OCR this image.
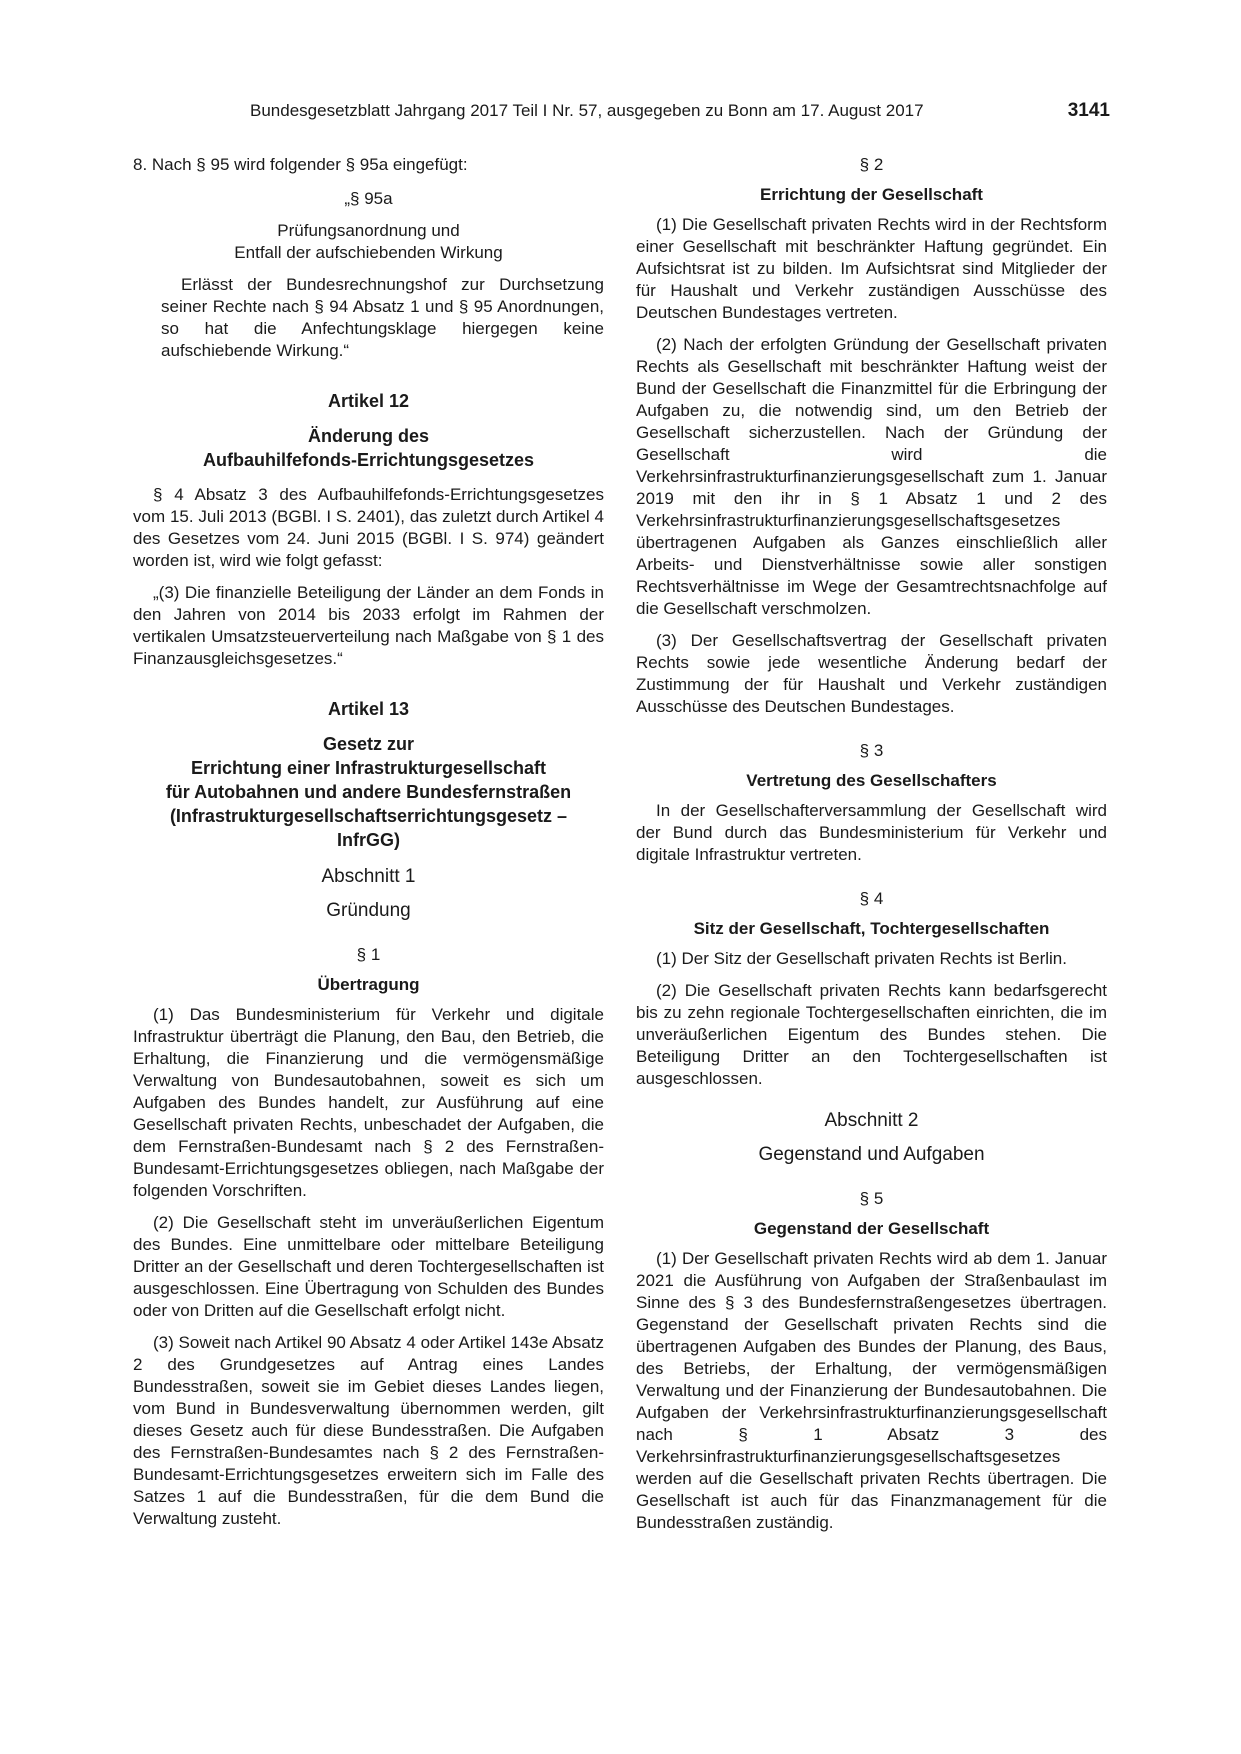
Bundesgesetzblatt Jahrgang 2017 Teil I Nr. 57, ausgegeben zu Bonn am 17. August 2017	3141

8. Nach § 95 wird folgender § 95a eingefügt:

„§ 95a

Prüfungsanordnung und

Entfall der aufschiebenden Wirkung

Erlässt der Bundesrechnungshof zur Durchsetzung seiner Rechte nach § 94 Absatz 1 und § 95 Anordnungen, so hat die Anfechtungsklage hiergegen keine aufschiebende Wirkung.“

Artikel 12

Änderung des
Aufbauhilfefonds-Errichtungsgesetzes

§ 4 Absatz 3 des Aufbauhilfefonds-Errichtungsgesetzes vom 15. Juli 2013 (BGBl. I S. 2401), das zuletzt durch Artikel 4 des Gesetzes vom 24. Juni 2015 (BGBl. I S. 974) geändert worden ist, wird wie folgt gefasst:

„(3) Die finanzielle Beteiligung der Länder an dem Fonds in den Jahren von 2014 bis 2033 erfolgt im Rahmen der vertikalen Umsatzsteuerverteilung nach Maßgabe von § 1 des Finanzausgleichsgesetzes.“

Artikel 13

Gesetz zur
Errichtung einer Infrastrukturgesellschaft
für Autobahnen und andere Bundesfernstraßen
(Infrastrukturgesellschaftserrichtungsgesetz –
InfrGG)

Abschnitt 1

Gründung

§ 1

Übertragung

(1) Das Bundesministerium für Verkehr und digitale Infrastruktur überträgt die Planung, den Bau, den Betrieb, die Erhaltung, die Finanzierung und die vermögensmäßige Verwaltung von Bundesautobahnen, soweit es sich um Aufgaben des Bundes handelt, zur Ausführung auf eine Gesellschaft privaten Rechts, unbeschadet der Aufgaben, die dem Fernstraßen-Bundesamt nach § 2 des Fernstraßen-Bundesamt-Errichtungsgesetzes obliegen, nach Maßgabe der folgenden Vorschriften.

(2) Die Gesellschaft steht im unveräußerlichen Eigentum des Bundes. Eine unmittelbare oder mittelbare Beteiligung Dritter an der Gesellschaft und deren Tochtergesellschaften ist ausgeschlossen. Eine Übertragung von Schulden des Bundes oder von Dritten auf die Gesellschaft erfolgt nicht.

(3) Soweit nach Artikel 90 Absatz 4 oder Artikel 143e Absatz 2 des Grundgesetzes auf Antrag eines Landes Bundesstraßen, soweit sie im Gebiet dieses Landes liegen, vom Bund in Bundesverwaltung übernommen werden, gilt dieses Gesetz auch für diese Bundesstraßen. Die Aufgaben des Fernstraßen-Bundesamtes nach § 2 des Fernstraßen-Bundesamt-Errichtungsgesetzes erweitern sich im Falle des Satzes 1 auf die Bundesstraßen, für die dem Bund die Verwaltung zusteht.

§ 2

Errichtung der Gesellschaft

(1) Die Gesellschaft privaten Rechts wird in der Rechtsform einer Gesellschaft mit beschränkter Haftung gegründet. Ein Aufsichtsrat ist zu bilden. Im Aufsichtsrat sind Mitglieder der für Haushalt und Verkehr zuständigen Ausschüsse des Deutschen Bundestages vertreten.

(2) Nach der erfolgten Gründung der Gesellschaft privaten Rechts als Gesellschaft mit beschränkter Haftung weist der Bund der Gesellschaft die Finanzmittel für die Erbringung der Aufgaben zu, die notwendig sind, um den Betrieb der Gesellschaft sicherzustellen. Nach der Gründung der Gesellschaft wird die Verkehrsinfrastrukturfinanzierungsgesellschaft zum 1. Januar 2019 mit den ihr in § 1 Absatz 1 und 2 des Verkehrsinfrastrukturfinanzierungsgesellschaftsgesetzes übertragenen Aufgaben als Ganzes einschließlich aller Arbeits- und Dienstverhältnisse sowie aller sonstigen Rechtsverhältnisse im Wege der Gesamtrechtsnachfolge auf die Gesellschaft verschmolzen.

(3) Der Gesellschaftsvertrag der Gesellschaft privaten Rechts sowie jede wesentliche Änderung bedarf der Zustimmung der für Haushalt und Verkehr zuständigen Ausschüsse des Deutschen Bundestages.

§ 3

Vertretung des Gesellschafters

In der Gesellschafterversammlung der Gesellschaft wird der Bund durch das Bundesministerium für Verkehr und digitale Infrastruktur vertreten.

§ 4

Sitz der Gesellschaft, Tochtergesellschaften

(1) Der Sitz der Gesellschaft privaten Rechts ist Berlin.

(2) Die Gesellschaft privaten Rechts kann bedarfsgerecht bis zu zehn regionale Tochtergesellschaften einrichten, die im unveräußerlichen Eigentum des Bundes stehen. Die Beteiligung Dritter an den Tochtergesellschaften ist ausgeschlossen.

Abschnitt 2

Gegenstand und Aufgaben

§ 5

Gegenstand der Gesellschaft

(1) Der Gesellschaft privaten Rechts wird ab dem 1. Januar 2021 die Ausführung von Aufgaben der Straßenbaulast im Sinne des § 3 des Bundesfernstraßengesetzes übertragen. Gegenstand der Gesellschaft privaten Rechts sind die übertragenen Aufgaben des Bundes der Planung, des Baus, des Betriebs, der Erhaltung, der vermögensmäßigen Verwaltung und der Finanzierung der Bundesautobahnen. Die Aufgaben der Verkehrsinfrastrukturfinanzierungsgesellschaft nach § 1 Absatz 3 des Verkehrsinfrastrukturfinanzierungsgesellschaftsgesetzes werden auf die Gesellschaft privaten Rechts übertragen. Die Gesellschaft ist auch für das Finanzmanagement für die Bundesstraßen zuständig.
